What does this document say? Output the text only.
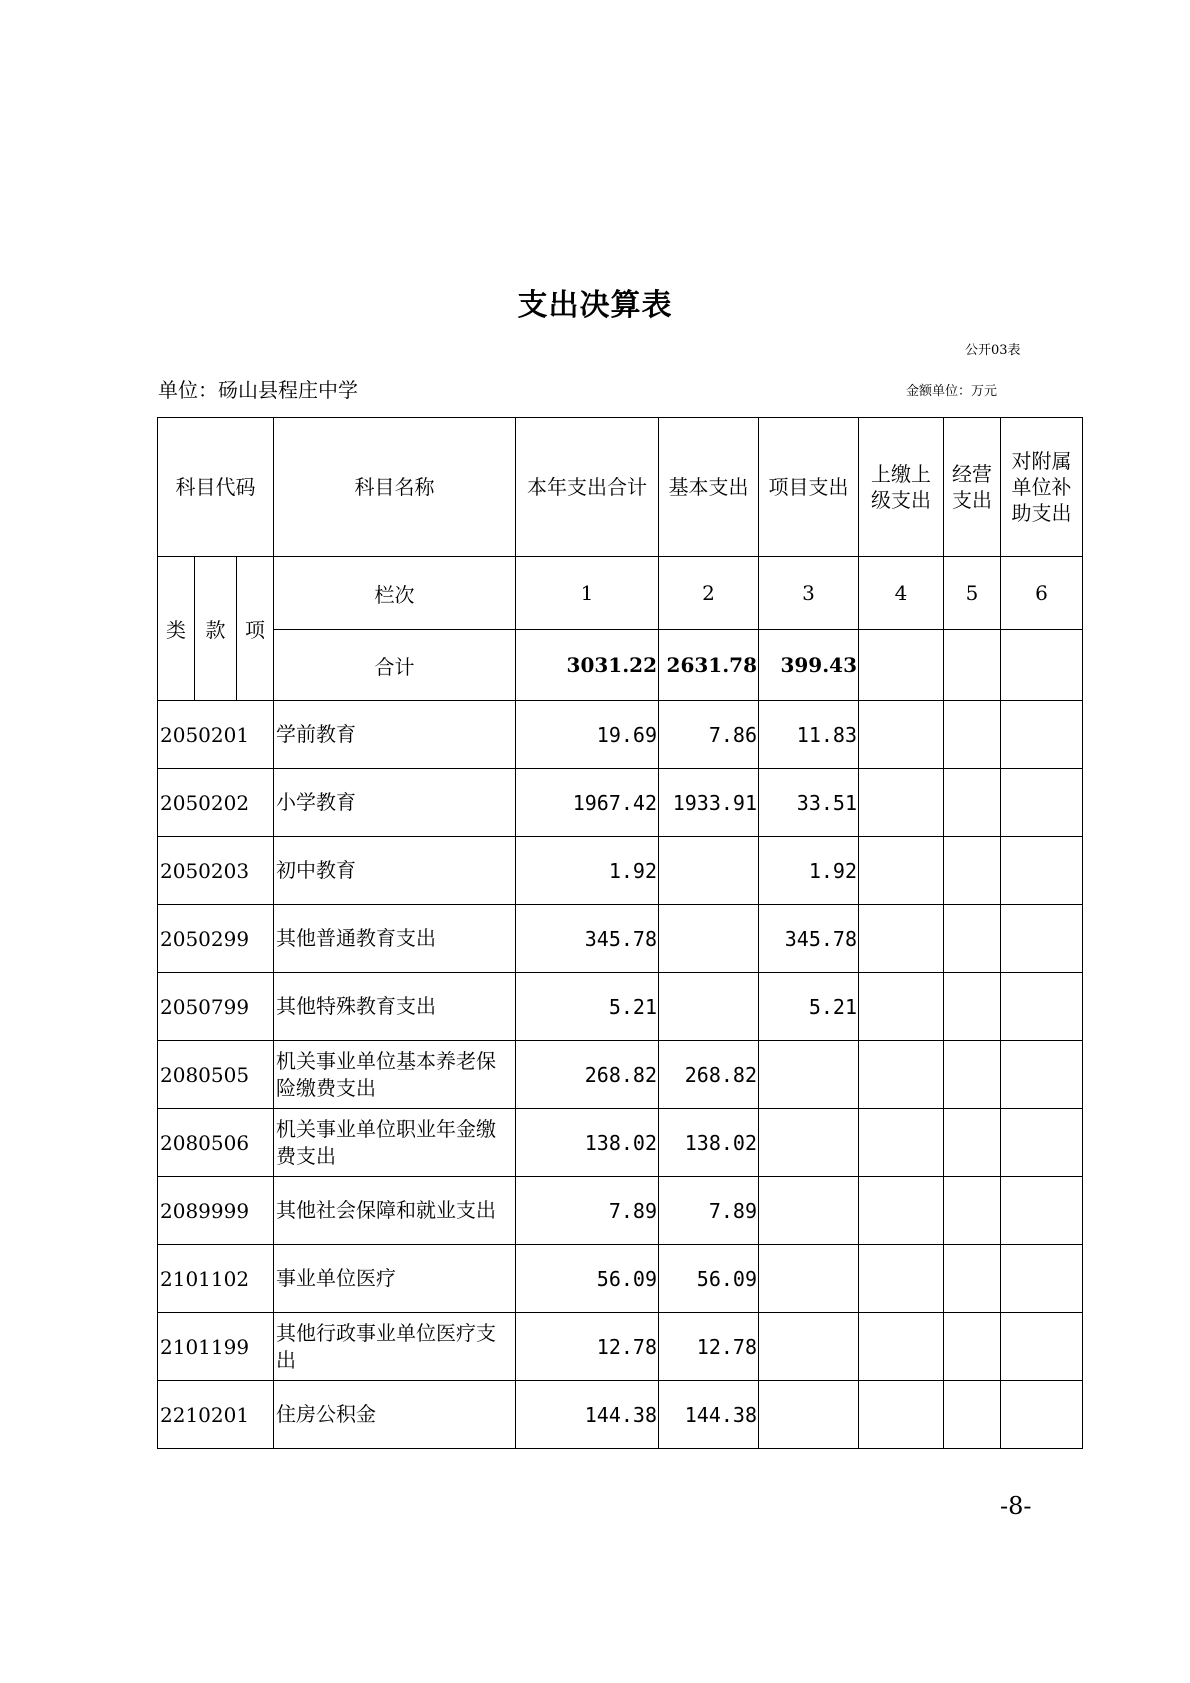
支出决算表
公开03表
单位：砀山县程庄中学	金额单位：万元
科目代码			科目名称	本年支出合计	基本支出	项目支出	上缴上级支出	经营支出	对附属单位补助支出
类	款	项	栏次	1	2	3	4	5	6
			合计	3031.22	2631.78	399.43			
2050201			学前教育	19.69	7.86	11.83			
2050202			小学教育	1967.42	1933.91	33.51			
2050203			初中教育	1.92		1.92			
2050299			其他普通教育支出	345.78		345.78			
2050799			其他特殊教育支出	5.21		5.21			
2080505			机关事业单位基本养老保险缴费支出	268.82	268.82				
2080506			机关事业单位职业年金缴费支出	138.02	138.02				
2089999			其他社会保障和就业支出	7.89	7.89				
2101102			事业单位医疗	56.09	56.09				
2101199			其他行政事业单位医疗支出	12.78	12.78				
2210201			住房公积金	144.38	144.38				
-8-
